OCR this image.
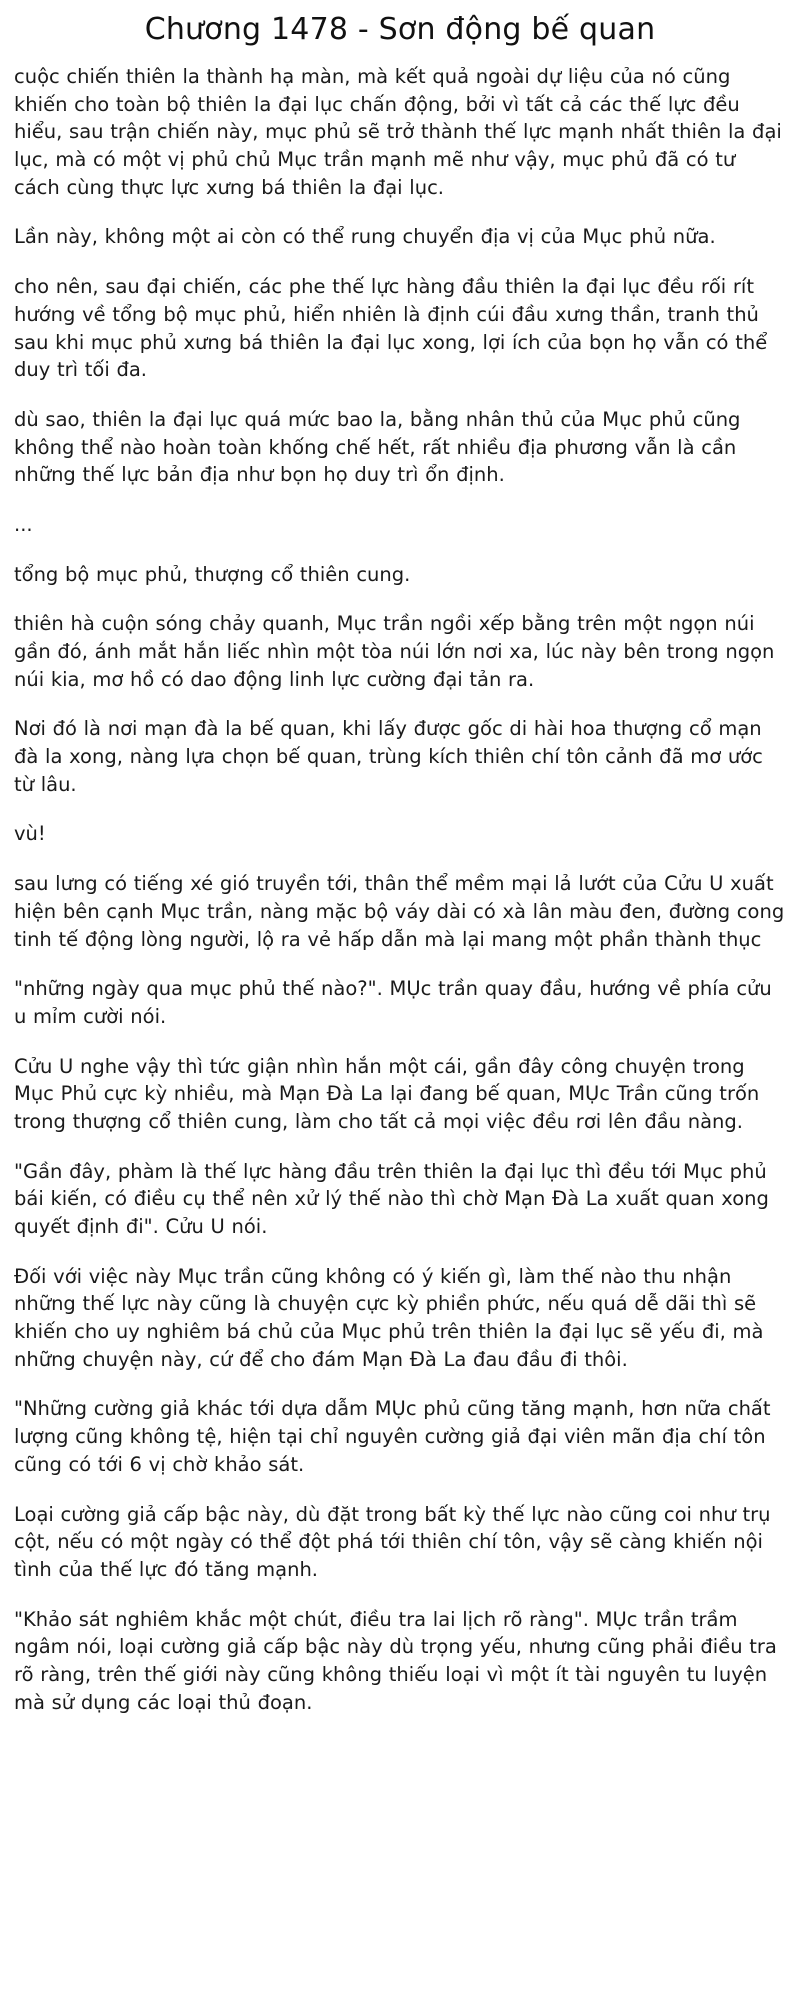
Chương 1478 - Sơn động bế quan

cuộc chiến thiên la thành hạ màn, mà kết quả ngoài dự liệu của nó cũng khiến cho toàn bộ thiên la đại lục chấn động, bởi vì tất cả các thế lực đều hiểu, sau trận chiến này, mục phủ sẽ trở thành thế lực mạnh nhất thiên la đại lục, mà có một vị phủ chủ Mục trần mạnh mẽ như vậy, mục phủ đã có tư cách cùng thực lực xưng bá thiên la đại lục.

Lần này, không một ai còn có thể rung chuyển địa vị của Mục phủ nữa.

cho nên, sau đại chiến, các phe thế lực hàng đầu thiên la đại lục đều rối rít hướng về tổng bộ mục phủ, hiển nhiên là định cúi đầu xưng thần, tranh thủ sau khi mục phủ xưng bá thiên la đại lục xong, lợi ích của bọn họ vẫn có thể duy trì tối đa.

dù sao, thiên la đại lục quá mức bao la, bằng nhân thủ của Mục phủ cũng không thể nào hoàn toàn khống chế hết, rất nhiều địa phương vẫn là cần những thế lực bản địa như bọn họ duy trì ổn định.

...

tổng bộ mục phủ, thượng cổ thiên cung.

thiên hà cuộn sóng chảy quanh, Mục trần ngồi xếp bằng trên một ngọn núi gần đó, ánh mắt hắn liếc nhìn một tòa núi lớn nơi xa, lúc này bên trong ngọn núi kia, mơ hồ có dao động linh lực cường đại tản ra.

Nơi đó là nơi mạn đà la bế quan, khi lấy được gốc di hài hoa thượng cổ mạn đà la xong, nàng lựa chọn bế quan, trùng kích thiên chí tôn cảnh đã mơ ước từ lâu.

vù!

sau lưng có tiếng xé gió truyền tới, thân thể mềm mại lả lướt của Cửu U xuất hiện bên cạnh Mục trần, nàng mặc bộ váy dài có xà lân màu đen, đường cong tinh tế động lòng người, lộ ra vẻ hấp dẫn mà lại mang một phần thành thục

"những ngày qua mục phủ thế nào?". MỤc trần quay đầu, hướng về phía cửu u mỉm cười nói.

Cửu U nghe vậy thì tức giận nhìn hắn một cái, gần đây công chuyện trong Mục Phủ cực kỳ nhiều, mà Mạn Đà La lại đang bế quan, MỤc Trần cũng trốn trong thượng cổ thiên cung, làm cho tất cả mọi việc đều rơi lên đầu nàng.

"Gần đây, phàm là thế lực hàng đầu trên thiên la đại lục thì đều tới Mục phủ bái kiến, có điều cụ thể nên xử lý thế nào thì chờ Mạn Đà La xuất quan xong quyết định đi". Cửu U nói.

Đối với việc này Mục trần cũng không có ý kiến gì, làm thế nào thu nhận những thế lực này cũng là chuyện cực kỳ phiền phức, nếu quá dễ dãi thì sẽ khiến cho uy nghiêm bá chủ của Mục phủ trên thiên la đại lục sẽ yếu đi, mà những chuyện này, cứ để cho đám Mạn Đà La đau đầu đi thôi.

"Những cường giả khác tới dựa dẫm MỤc phủ cũng tăng mạnh, hơn nữa chất lượng cũng không tệ, hiện tại chỉ nguyên cường giả đại viên mãn địa chí tôn cũng có tới 6 vị chờ khảo sát.

Loại cường giả cấp bậc này, dù đặt trong bất kỳ thế lực nào cũng coi như trụ cột, nếu có một ngày có thể đột phá tới thiên chí tôn, vậy sẽ càng khiến nội tình của thế lực đó tăng mạnh.

"Khảo sát nghiêm khắc một chút, điều tra lai lịch rõ ràng". MỤc trần trầm ngâm nói, loại cường giả cấp bậc này dù trọng yếu, nhưng cũng phải điều tra rõ ràng, trên thế giới này cũng không thiếu loại vì một ít tài nguyên tu luyện mà sử dụng các loại thủ đoạn.
